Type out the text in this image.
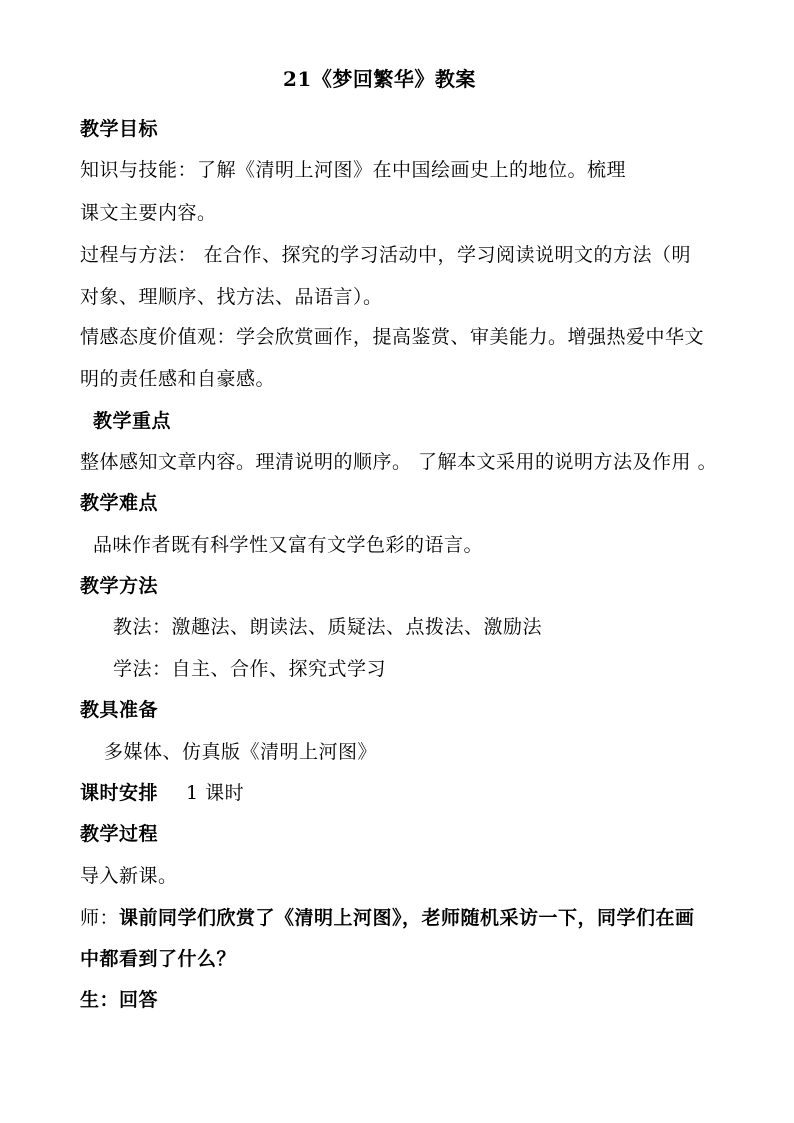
21《梦回繁华》教案
教学目标
知识与技能：了解《清明上河图》在中国绘画史上的地位。梳理
课文主要内容。
过程与方法： 在合作、探究的学习活动中，学习阅读说明文的方法（明
对象、理顺序、找方法、品语言）。
情感态度价值观：学会欣赏画作，提高鉴赏、审美能力。增强热爱中华文
明的责任感和自豪感。
教学重点
整体感知文章内容。理清说明的顺序。 了解本文采用的说明方法及作用 。
教学难点
品味作者既有科学性又富有文学色彩的语言。
教学方法
教法：激趣法、朗读法、质疑法、点拨法、激励法
学法：自主、合作、探究式学习
教具准备
多媒体、仿真版《清明上河图》
课时安排 1 课时
教学过程
导入新课。
师：课前同学们欣赏了《清明上河图》，老师随机采访一下，同学们在画
中都看到了什么？
生：回答
